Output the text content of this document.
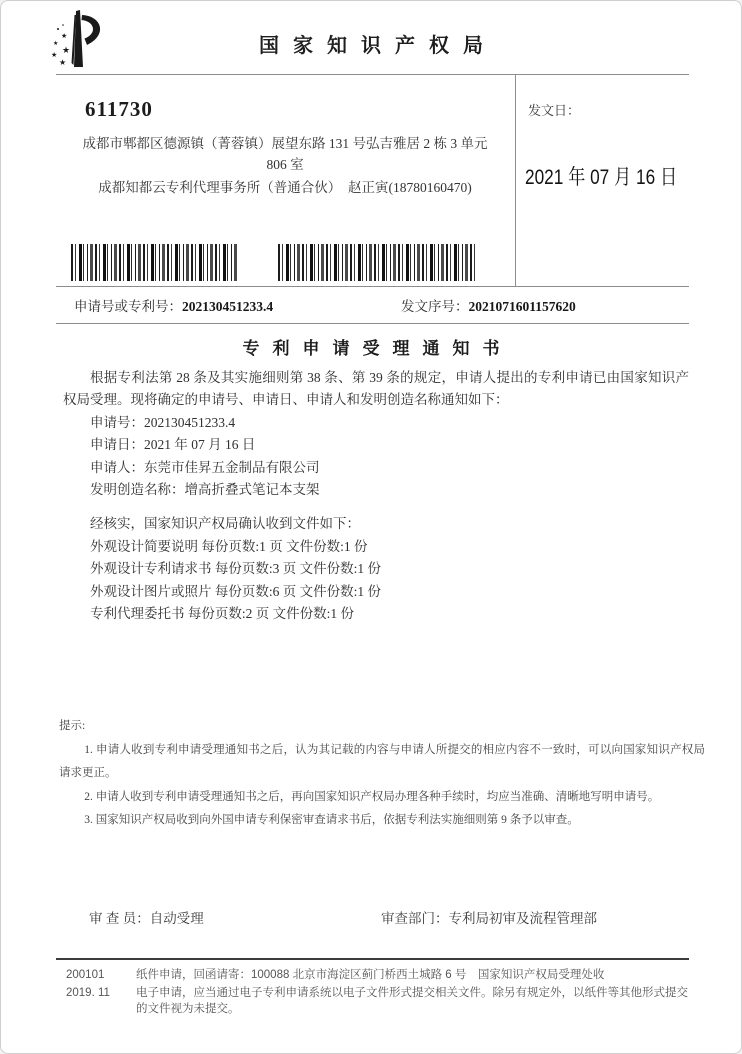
★
★
★
★
★
国家知识产权局
611730
成都市郫都区德源镇（菁蓉镇）展望东路 131 号弘吉雅居 2 栋 3 单元
806 室
成都知都云专利代理事务所（普通合伙）　赵正寅(18780160470)
发文日：
2021 年 07 月 16 日
申请号或专利号：202130451233.4	发文序号：2021071601157620
专利申请受理通知书

根据专利法第 28 条及其实施细则第 38 条、第 39 条的规定，申请人提出的专利申请已由国家知识产权局受理。现将确定的申请号、申请日、申请人和发明创造名称通知如下：

申请号：202130451233.4

申请日：2021 年 07 月 16 日

申请人：东莞市佳昇五金制品有限公司

发明创造名称：增高折叠式笔记本支架

经核实，国家知识产权局确认收到文件如下：

外观设计简要说明 每份页数:1 页 文件份数:1 份

外观设计专利请求书 每份页数:3 页 文件份数:1 份

外观设计图片或照片 每份页数:6 页 文件份数:1 份

专利代理委托书 每份页数:2 页 文件份数:1 份

提示:

1. 申请人收到专利申请受理通知书之后，认为其记载的内容与申请人所提交的相应内容不一致时，可以向国家知识产权局请求更正。

2. 申请人收到专利申请受理通知书之后，再向国家知识产权局办理各种手续时，均应当准确、清晰地写明申请号。

3. 国家知识产权局收到向外国申请专利保密审查请求书后，依据专利法实施细则第 9 条予以审查。

审 查 员：自动受理	审查部门：专利局初审及流程管理部
200101	纸件申请，回函请寄：100088 北京市海淀区蓟门桥西土城路 6 号　国家知识产权局受理处收
2019. 11	电子申请，应当通过电子专利申请系统以电子文件形式提交相关文件。除另有规定外，以纸件等其他形式提交的文件视为未提交。
